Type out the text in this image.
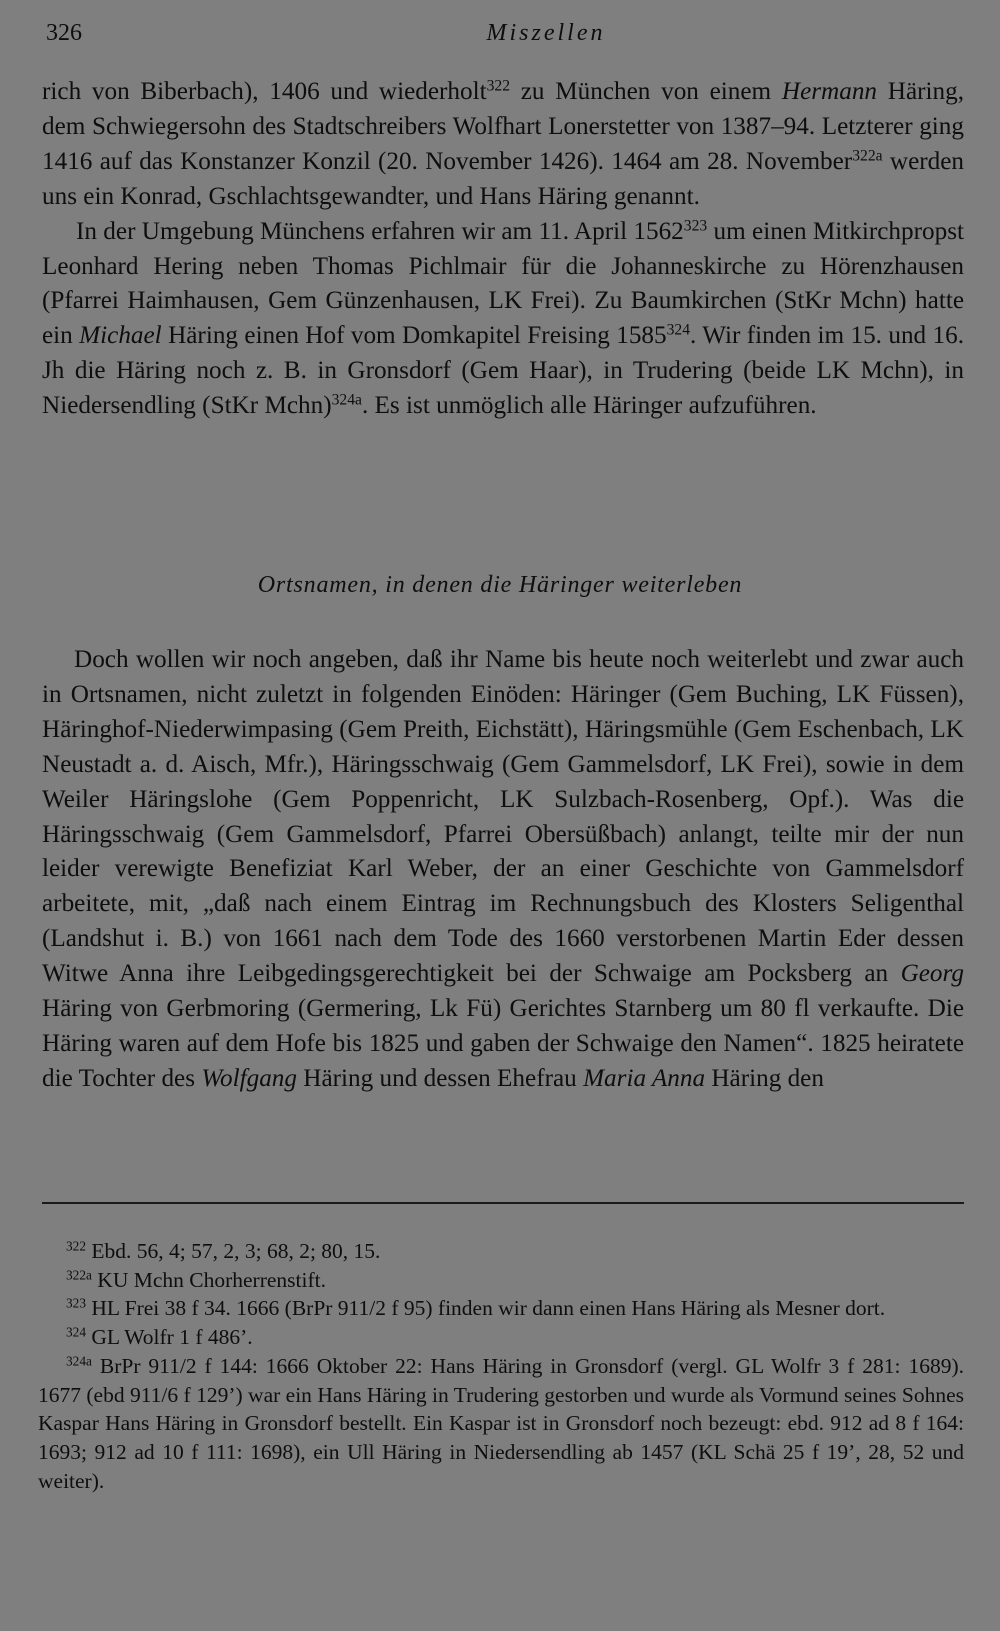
326	Miszellen

rich von Biberbach), 1406 und wiederholt$^{322}$ zu München von einem Hermann Häring, dem Schwiegersohn des Stadtschreibers Wolfhart Lonerstetter von 1387–94. Letzterer ging 1416 auf das Konstanzer Konzil (20. November 1426). 1464 am 28. November$^{322a}$ werden uns ein Konrad, Gschlachtsgewandter, und Hans Häring genannt.

In der Umgebung Münchens erfahren wir am 11. April 1562$^{323}$ um einen Mitkirchpropst Leonhard Hering neben Thomas Pichlmair für die Johanneskirche zu Hörenzhausen (Pfarrei Haimhausen, Gem Günzenhausen, LK Frei). Zu Baumkirchen (StKr Mchn) hatte ein Michael Häring einen Hof vom Domkapitel Freising 1585$^{324}$. Wir finden im 15. und 16. Jh die Häring noch z. B. in Gronsdorf (Gem Haar), in Trudering (beide LK Mchn), in Niedersendling (StKr Mchn)$^{324a}$. Es ist unmöglich alle Häringer aufzuführen.

Ortsnamen, in denen die Häringer weiterleben

Doch wollen wir noch angeben, daß ihr Name bis heute noch weiterlebt und zwar auch in Ortsnamen, nicht zuletzt in folgenden Einöden: Häringer (Gem Buching, LK Füssen), Häringhof-Niederwimpasing (Gem Preith, Eichstätt), Häringsmühle (Gem Eschenbach, LK Neustadt a. d. Aisch, Mfr.), Häringsschwaig (Gem Gammelsdorf, LK Frei), sowie in dem Weiler Häringslohe (Gem Poppenricht, LK Sulzbach-Rosenberg, Opf.). Was die Häringsschwaig (Gem Gammelsdorf, Pfarrei Obersüßbach) anlangt, teilte mir der nun leider verewigte Benefiziat Karl Weber, der an einer Geschichte von Gammelsdorf arbeitete, mit, „daß nach einem Eintrag im Rechnungsbuch des Klosters Seligenthal (Landshut i. B.) von 1661 nach dem Tode des 1660 verstorbenen Martin Eder dessen Witwe Anna ihre Leibgedingsgerechtigkeit bei der Schwaige am Pocksberg an Georg Häring von Gerbmoring (Germering, Lk Fü) Gerichtes Starnberg um 80 fl verkaufte. Die Häring waren auf dem Hofe bis 1825 und gaben der Schwaige den Namen“. 1825 heiratete die Tochter des Wolfgang Häring und dessen Ehefrau Maria Anna Häring den

$^{322}$ Ebd. 56, 4; 57, 2, 3; 68, 2; 80, 15.

$^{322a}$ KU Mchn Chorherrenstift.

$^{323}$ HL Frei 38 f 34. 1666 (BrPr 911/2 f 95) finden wir dann einen Hans Häring als Mesner dort.

$^{324}$ GL Wolfr 1 f 486’.

$^{324a}$ BrPr 911/2 f 144: 1666 Oktober 22: Hans Häring in Gronsdorf (vergl. GL Wolfr 3 f 281: 1689). 1677 (ebd 911/6 f 129’) war ein Hans Häring in Trudering gestorben und wurde als Vormund seines Sohnes Kaspar Hans Häring in Gronsdorf bestellt. Ein Kaspar ist in Gronsdorf noch bezeugt: ebd. 912 ad 8 f 164: 1693; 912 ad 10 f 111: 1698), ein Ull Häring in Niedersendling ab 1457 (KL Schä 25 f 19’, 28, 52 und weiter).
